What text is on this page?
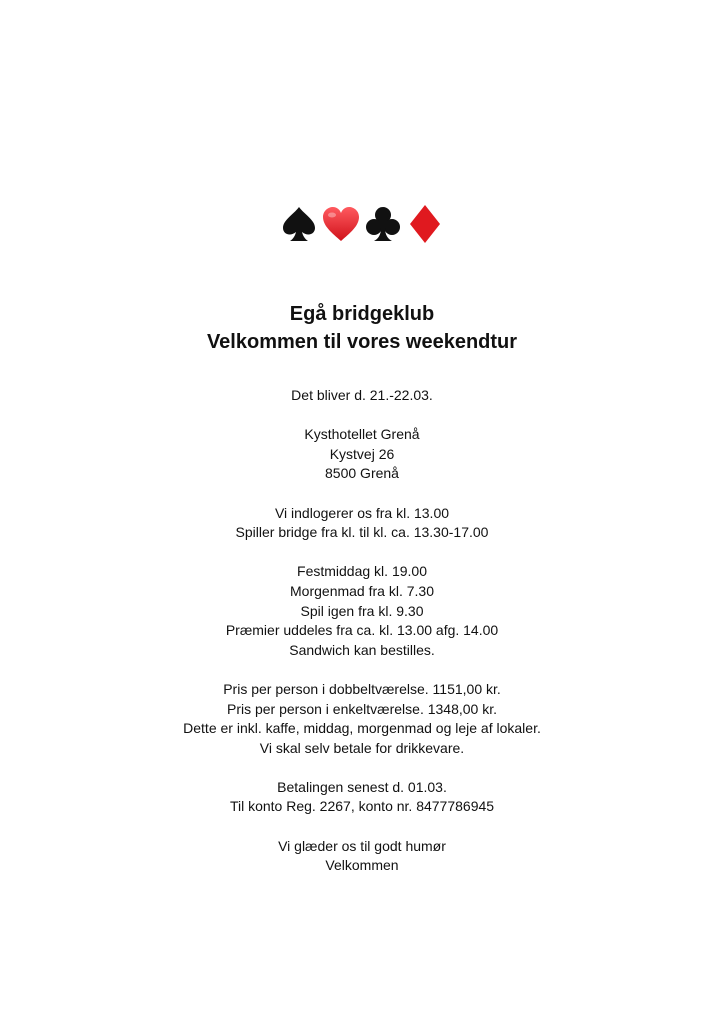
Egå bridgeklub
Velkommen til vores weekendtur
Det bliver d. 21.-22.03.
Kysthotellet Grenå
Kystvej 26
8500 Grenå
Vi indlogerer os fra kl. 13.00
Spiller bridge fra kl. til kl. ca. 13.30-17.00
Festmiddag kl. 19.00
Morgenmad fra kl. 7.30
Spil igen fra kl. 9.30
Præmier uddeles fra ca. kl. 13.00 afg. 14.00
Sandwich kan bestilles.
Pris per person i dobbeltværelse. 1151,00 kr.
Pris per person i enkeltværelse. 1348,00 kr.
Dette er inkl. kaffe, middag, morgenmad og leje af lokaler.
Vi skal selv betale for drikkevare.
Betalingen senest d. 01.03.
Til konto Reg. 2267, konto nr. 8477786945
Vi glæder os til godt humør
Velkommen
